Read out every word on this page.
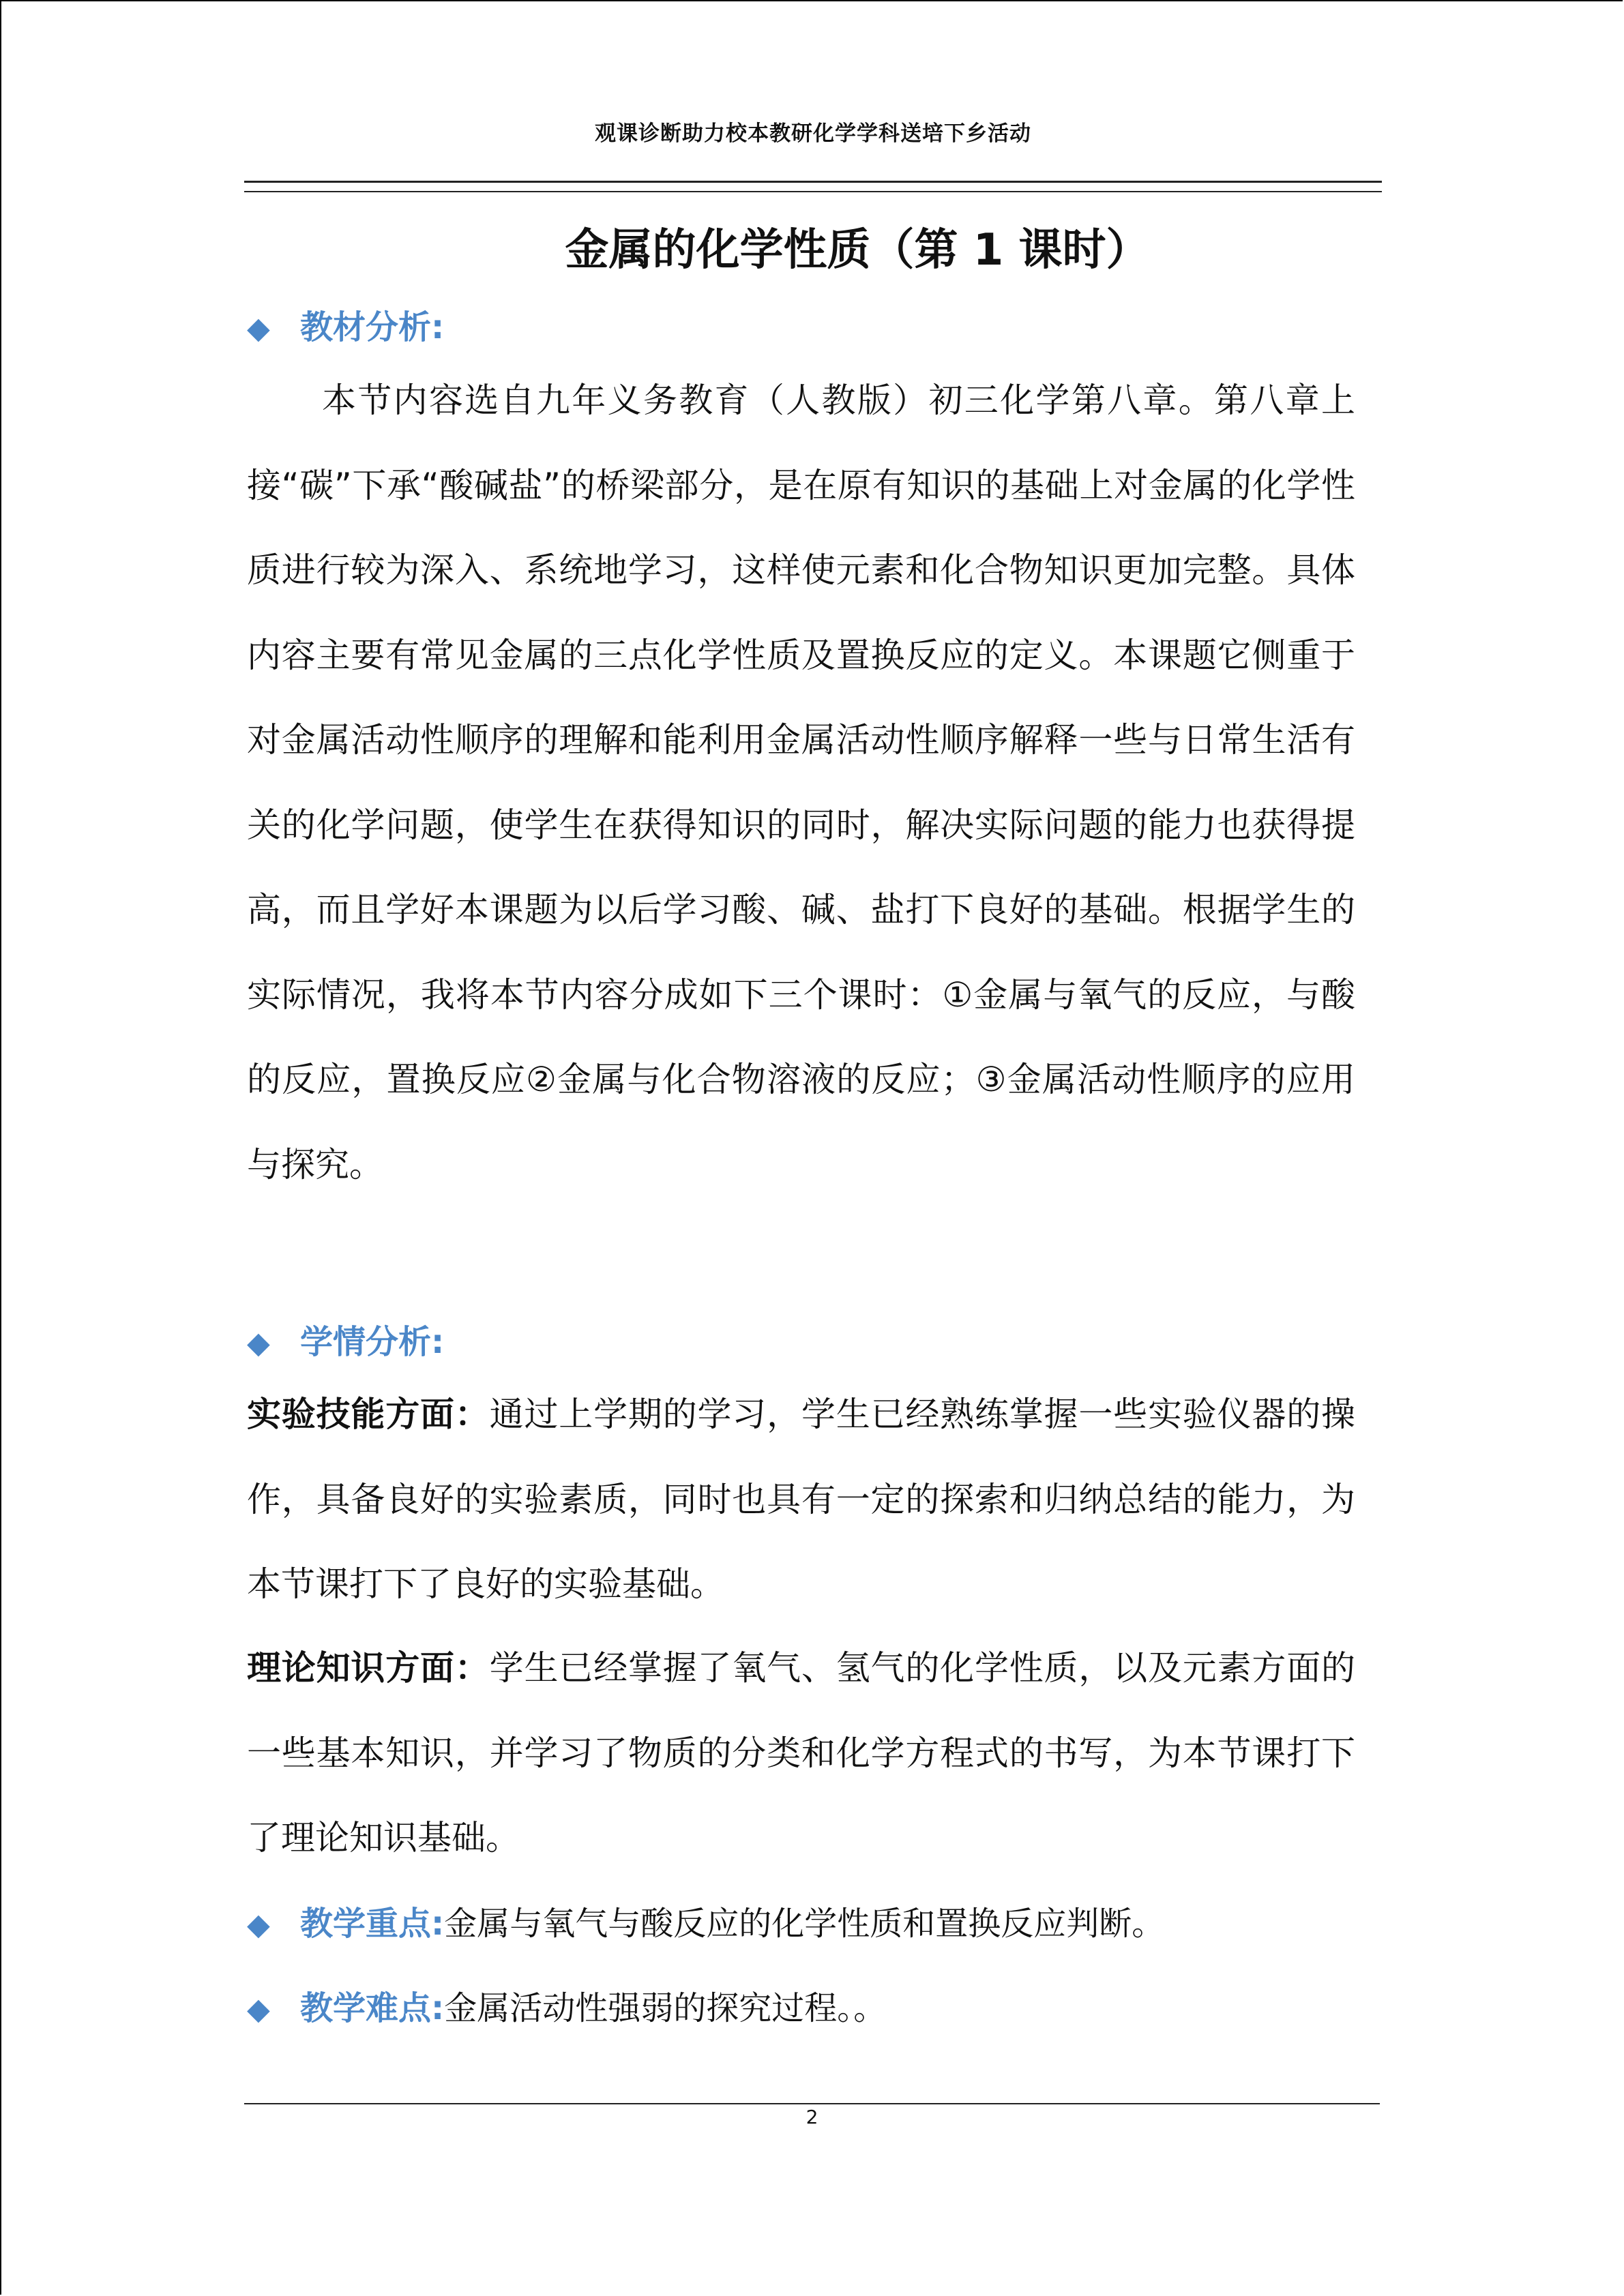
观课诊断助力校本教研化学学科送培下乡活动
金属的化学性质（第 1 课时）
◆ 教材分析:
本节内容选自九年义务教育（人教版）初三化学第八章。第八章上接“碳”下承“酸碱盐”的桥梁部分，是在原有知识的基础上对金属的化学性质进行较为深入、系统地学习，这样使元素和化合物知识更加完整。具体内容主要有常见金属的三点化学性质及置换反应的定义。本课题它侧重于对金属活动性顺序的理解和能利用金属活动性顺序解释一些与日常生活有关的化学问题，使学生在获得知识的同时，解决实际问题的能力也获得提高，而且学好本课题为以后学习酸、碱、盐打下良好的基础。根据学生的实际情况，我将本节内容分成如下三个课时：①金属与氧气的反应，与酸的反应，置换反应②金属与化合物溶液的反应；③金属活动性顺序的应用与探究。
◆ 学情分析:
实验技能方面：通过上学期的学习，学生已经熟练掌握一些实验仪器的操作，具备良好的实验素质，同时也具有一定的探索和归纳总结的能力，为本节课打下了良好的实验基础。
理论知识方面：学生已经掌握了氧气、氢气的化学性质，以及元素方面的一些基本知识，并学习了物质的分类和化学方程式的书写，为本节课打下了理论知识基础。
◆ 教学重点:金属与氧气与酸反应的化学性质和置换反应判断。
◆ 教学难点:金属活动性强弱的探究过程。。
2
